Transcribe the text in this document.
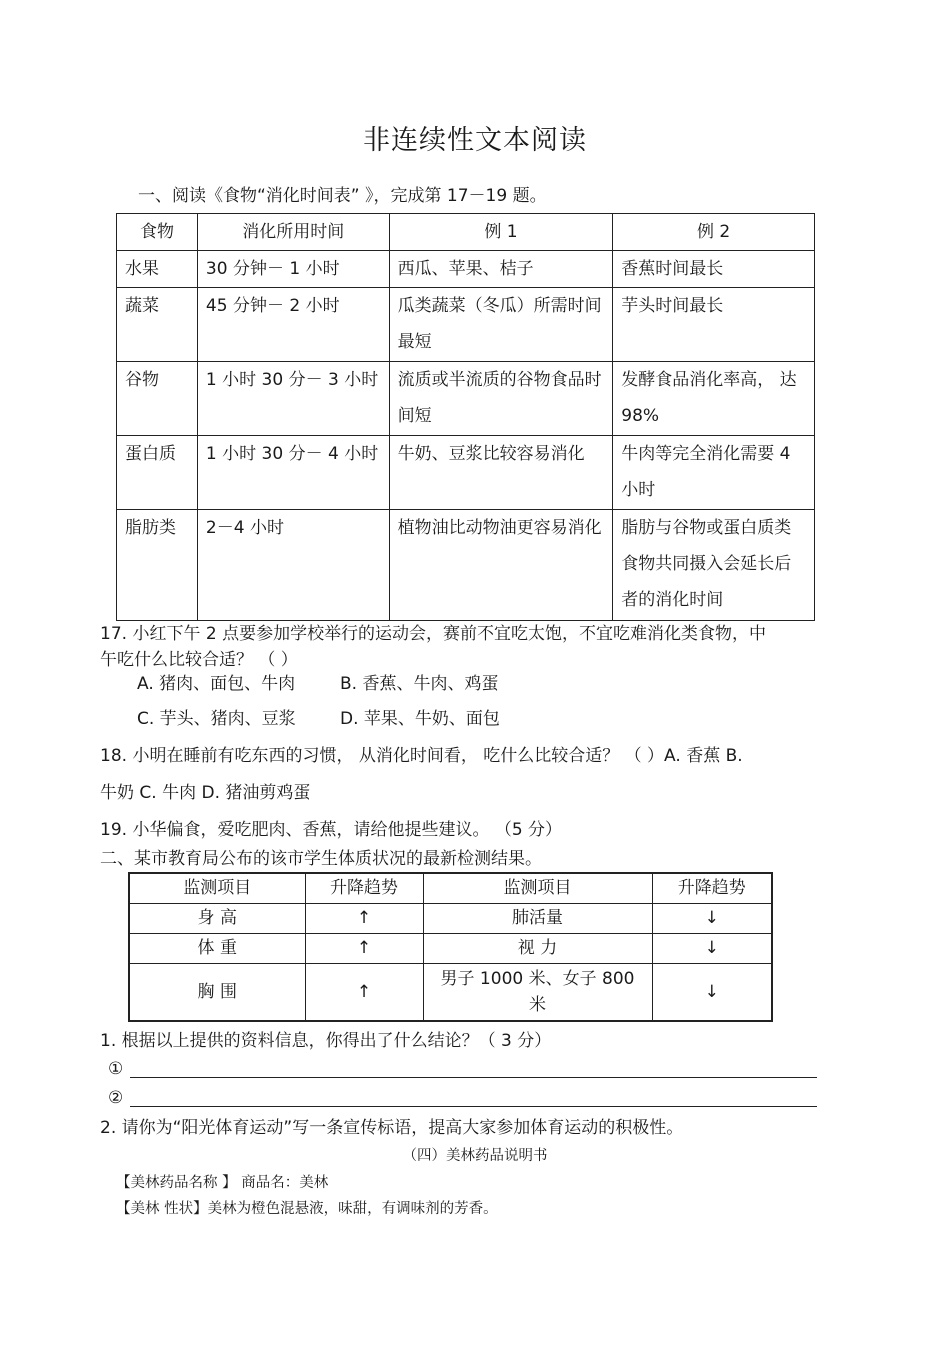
非连续性文本阅读
一、阅读《食物“消化时间表” 》，完成第 17－19 题。
食物	消化所用时间	例 1	例 2
水果	30 分钟－ 1 小时	西瓜、苹果、桔子	香蕉时间最长
蔬菜	45 分钟－ 2 小时	瓜类蔬菜（冬瓜）所需时间最短	芋头时间最长
谷物	1 小时 30 分－ 3 小时	流质或半流质的谷物食品时间短	发酵食品消化率高， 达 98%
蛋白质	1 小时 30 分－ 4 小时	牛奶、豆浆比较容易消化	牛肉等完全消化需要 4 小时
脂肪类	2－4 小时	植物油比动物油更容易消化	脂肪与谷物或蛋白质类食物共同摄入会延长后者的消化时间
17. 小红下午 2 点要参加学校举行的运动会，赛前不宜吃太饱，不宜吃难消化类食物，中
午吃什么比较合适？ （ ）
A. 猪肉、面包、牛肉	B. 香蕉、牛肉、鸡蛋
C. 芋头、猪肉、豆浆	D. 苹果、牛奶、面包
18. 小明在睡前有吃东西的习惯， 从消化时间看， 吃什么比较合适？ （ ）A. 香蕉 B.
牛奶 C. 牛肉 D. 猪油剪鸡蛋
19. 小华偏食，爱吃肥肉、香蕉，请给他提些建议。 （5 分）
二、某市教育局公布的该市学生体质状况的最新检测结果。
监测项目	升降趋势	监测项目	升降趋势
身 高	↑	肺活量	↓
体 重	↑	视 力	↓
胸 围	↑	男子 1000 米、女子 800 米	↓
1. 根据以上提供的资料信息，你得出了什么结论？（ 3 分）
①
②
2. 请你为“阳光体育运动”写一条宣传标语，提高大家参加体育运动的积极性。
（四）美林药品说明书
【美林药品名称 】 商品名：美林
【美林 性状】美林为橙色混悬液，味甜，有调味剂的芳香。
